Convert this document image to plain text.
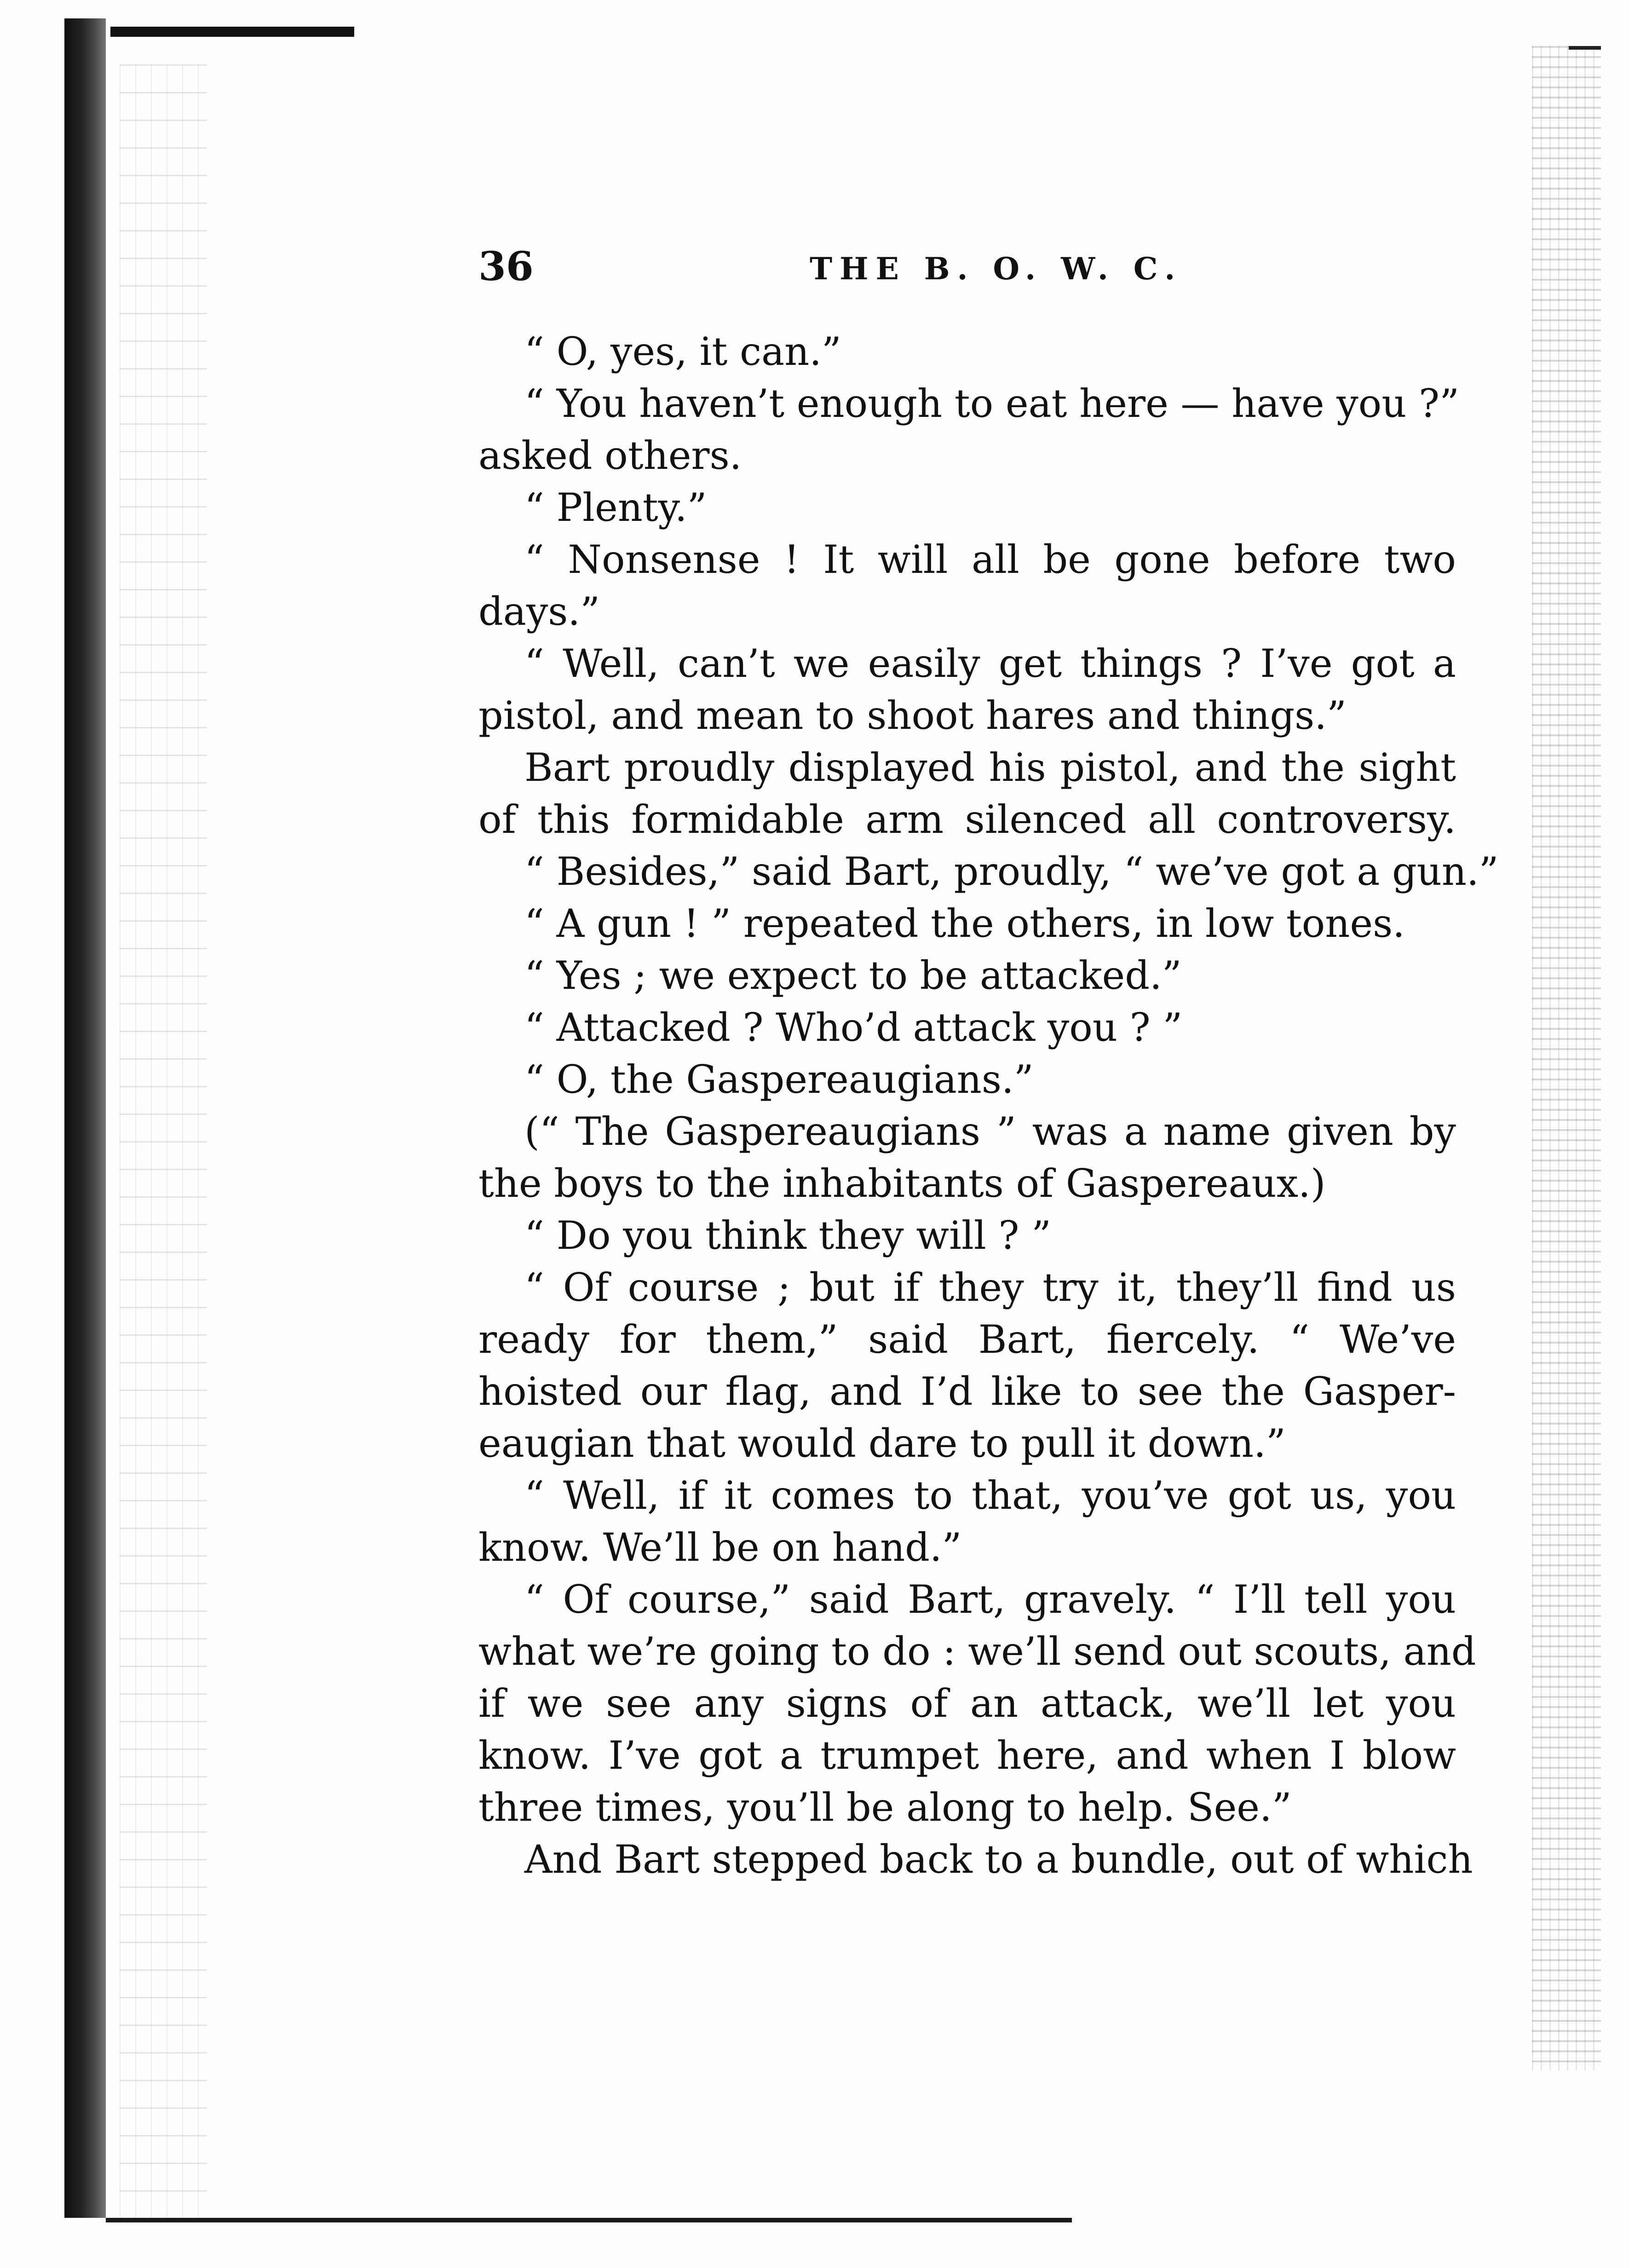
36	THE B. O. W. C.
“ O, yes, it can.”
“ You haven’t enough to eat here — have you ?”
asked others.
“ Plenty.”
“ Nonsense ! It will all be gone before two
days.”
“ Well, can’t we easily get things ? I’ve got a
pistol, and mean to shoot hares and things.”
Bart proudly displayed his pistol, and the sight
of this formidable arm silenced all controversy.
“ Besides,” said Bart, proudly, “ we’ve got a gun.”
“ A gun ! ” repeated the others, in low tones.
“ Yes ; we expect to be attacked.”
“ Attacked ? Who’d attack you ? ”
“ O, the Gaspereaugians.”
(“ The Gaspereaugians ” was a name given by
the boys to the inhabitants of Gaspereaux.)
“ Do you think they will ? ”
“ Of course ; but if they try it, they’ll find us
ready for them,” said Bart, fiercely. “ We’ve
hoisted our flag, and I’d like to see the Gasper-
eaugian that would dare to pull it down.”
“ Well, if it comes to that, you’ve got us, you
know. We’ll be on hand.”
“ Of course,” said Bart, gravely. “ I’ll tell you
what we’re going to do : we’ll send out scouts, and
if we see any signs of an attack, we’ll let you
know. I’ve got a trumpet here, and when I blow
three times, you’ll be along to help. See.”
And Bart stepped back to a bundle, out of which
